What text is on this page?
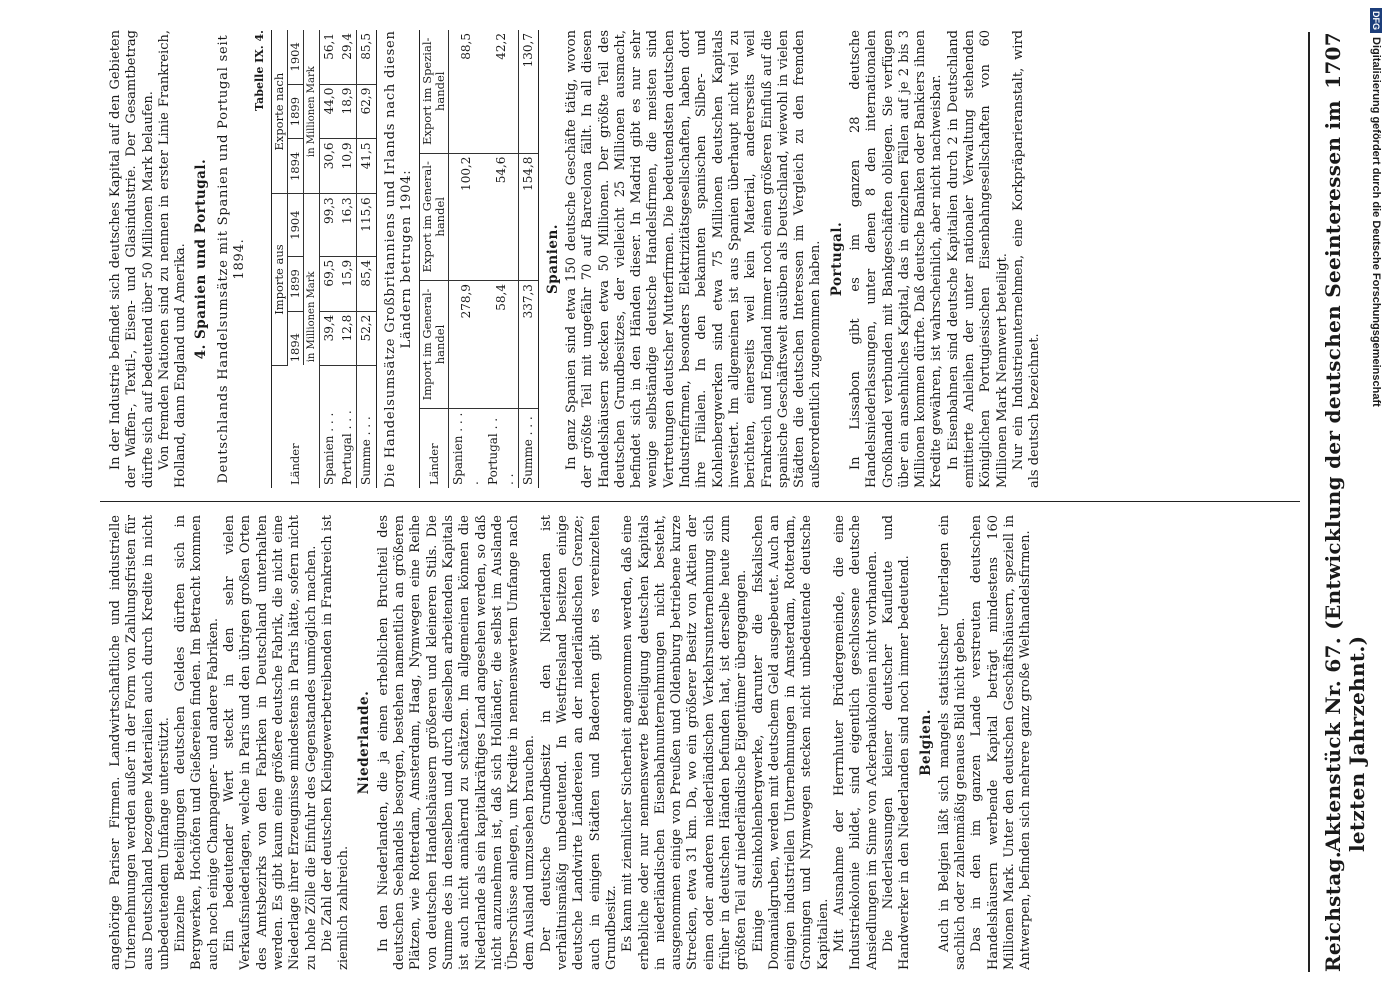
Reichstag.
Aktenstück Nr. 67. (Entwicklung der deutschen Seeinteressen im letzten Jahrzehnt.)
1707

angehörige Pariser Firmen. Landwirtschaftliche und industrielle Unternehmungen werden außer in der Form von Zahlungsfristen für aus Deutschland bezogene Materialien auch durch Kredite in nicht unbedeutendem Umfange unterstützt. Einzelne Beteiligungen deutschen Geldes dürften sich in Bergwerken, Hochöfen und Gießereien finden. Im Betracht kommen auch noch einige Champagner- und andere Fabriken. Ein bedeutender Wert steckt in den sehr vielen Verkaufsniederlagen, welche in Paris und den übrigen großen Orten des Amtsbezirks von den Fabriken in Deutschland unterhalten werden. Es gibt kaum eine größere deutsche Fabrik, die nicht eine Niederlage ihrer Erzeugnisse mindestens in Paris hätte, sofern nicht zu hohe Zölle die Einfuhr des Gegenstandes unmöglich machen. Die Zahl der deutschen Kleingewerbetreibenden in Frankreich ist ziemlich zahlreich.

Niederlande. In den Niederlanden, die ja einen erheblichen Bruchteil des deutschen Seehandels besorgen, bestehen namentlich an größeren Plätzen, wie Rotterdam, Amsterdam, Haag, Nymwegen eine Reihe von deutschen Handelshäusern größeren und kleineren Stils. Die Summe des in denselben und durch dieselben arbeitenden Kapitals ist auch nicht annähernd zu schätzen. Im allgemeinen können die Niederlande als ein kapitalkräftiges Land angesehen werden, so daß nicht anzunehmen ist, daß sich Holländer, die selbst im Auslande Überschüsse anlegen, um Kredite in nennenswertem Umfange nach dem Ausland umzusehen brauchen. Der deutsche Grundbesitz in den Niederlanden ist verhältnismäßig unbedeutend. In Westfriesland besitzen einige deutsche Landwirte Ländereien an der niederländischen Grenze; auch in einigen Städten und Badeorten gibt es vereinzelten Grundbesitz. Es kann mit ziemlicher Sicherheit angenommen werden, daß eine erhebliche oder nur nennenswerte Beteiligung deutschen Kapitals in niederländischen Eisenbahnunternehmungen nicht besteht, ausgenommen einige von Preußen und Oldenburg betriebene kurze Strecken, etwa 31 km. Da, wo ein größerer Besitz von Aktien der einen oder anderen niederländischen Verkehrsunternehmung sich früher in deutschen Händen befunden hat, ist derselbe heute zum größten Teil auf niederländische Eigentümer übergegangen. Einige Steinkohlenbergwerke, darunter die fiskalischen Domanialgruben, werden mit deutschem Geld ausgebeutet. Auch an einigen industriellen Unternehmungen in Amsterdam, Rotterdam, Groningen und Nymwegen stecken nicht unbedeutende deutsche Kapitalien. Mit Ausnahme der Herrnhuter Brüdergemeinde, die eine Industriekolonie bildet, sind eigentlich geschlossene deutsche Ansiedlungen im Sinne von Ackerbaukolonien nicht vorhanden. Die Niederlassungen kleiner deutscher Kaufleute und Handwerker in den Niederlanden sind noch immer bedeutend. Belgien. Auch in Belgien läßt sich mangels statistischer Unterlagen ein sachlich oder zahlenmäßig genaues Bild nicht geben. Das in den im ganzen Lande verstreuten deutschen Handelshäusern werbende Kapital beträgt mindestens 160 Millionen Mark. Unter den deutschen Geschäftshäusern, speziell in Antwerpen, befinden sich mehrere ganz große Welthandelsfirmen.

In der Industrie befindet sich deutsches Kapital auf den Gebieten der Waffen-, Textil-, Eisen- und Glasindustrie. Der Gesamtbetrag dürfte sich auf bedeutend über 50 Millionen Mark belaufen. Von fremden Nationen sind zu nennen in erster Linie Frankreich, Holland, dann England und Amerika. 4. Spanien und Portugal. Deutschlands Handelsumsätze mit Spanien und Portugal seit 1894.
Tabelle IX. 4.
Länder	Importe aus			Exporte nach		
	1894	1899	1904	1894	1899	1904
	in Millionen Mark			in Millionen Mark		
Spanien . . .	39,4	69,5	99,3	30,6	44,0	56,1
Portugal . . .	12,8	15,9	16,3	10,9	18,9	29,4
Summe . . .	52,2	85,4	115,6	41,5	62,9	85,5 Die Handelsumsätze Großbritanniens und Irlands nach diesen Ländern betrugen 1904:
Länder	Import im General-handel	Export im General-handel	Export im Spezial-handel
Spanien . . . .	278,9	100,2	88,5
Portugal . . . .	58,4	54,6	42,2
Summe . . .	337,3	154,8	130,7
Spanien. In ganz Spanien sind etwa 150 deutsche Geschäfte tätig, wovon der größte Teil mit ungefähr 70 auf Barcelona fällt. In all diesen Handelshäusern stecken etwa 50 Millionen. Der größte Teil des deutschen Grundbesitzes, der vielleicht 25 Millionen ausmacht, befindet sich in den Händen dieser. In Madrid gibt es nur sehr wenige selbständige deutsche Handelsfirmen, die meisten sind Vertretungen deutscher Mutterfirmen. Die bedeutendsten deutschen Industriefirmen, besonders Elektrizitätsgesellschaften, haben dort ihre Filialen. In den bekannten spanischen Silber- und Kohlenbergwerken sind etwa 75 Millionen deutschen Kapitals investiert. Im allgemeinen ist aus Spanien überhaupt nicht viel zu berichten, einerseits weil kein Material, andererseits weil Frankreich und England immer noch einen größeren Einfluß auf die spanische Geschäftswelt ausüben als Deutschland, wiewohl in vielen Städten die deutschen Interessen im Vergleich zu den fremden außerordentlich zugenommen haben. Portugal. In Lissabon gibt es im ganzen 28 deutsche Handelsniederlassungen, unter denen 8 den internationalen Großhandel verbunden mit Bankgeschäften obliegen. Sie verfügen über ein ansehnliches Kapital, das in einzelnen Fällen auf je 2 bis 3 Millionen kommen dürfte. Daß deutsche Banken oder Bankiers ihnen Kredite gewähren, ist wahrscheinlich, aber nicht nachweisbar. In Eisenbahnen sind deutsche Kapitalien durch 2 in Deutschland emittierte Anleihen der unter nationaler Verwaltung stehenden Königlichen Portugiesischen Eisenbahngesellschaften von 60 Millionen Mark Nennwert beteiligt. Nur ein Industrieunternehmen, eine Korkpräparieranstalt, wird als deutsch bezeichnet.

DFGDigitalisierung gefördert durch die Deutsche Forschungsgemeinschaft
